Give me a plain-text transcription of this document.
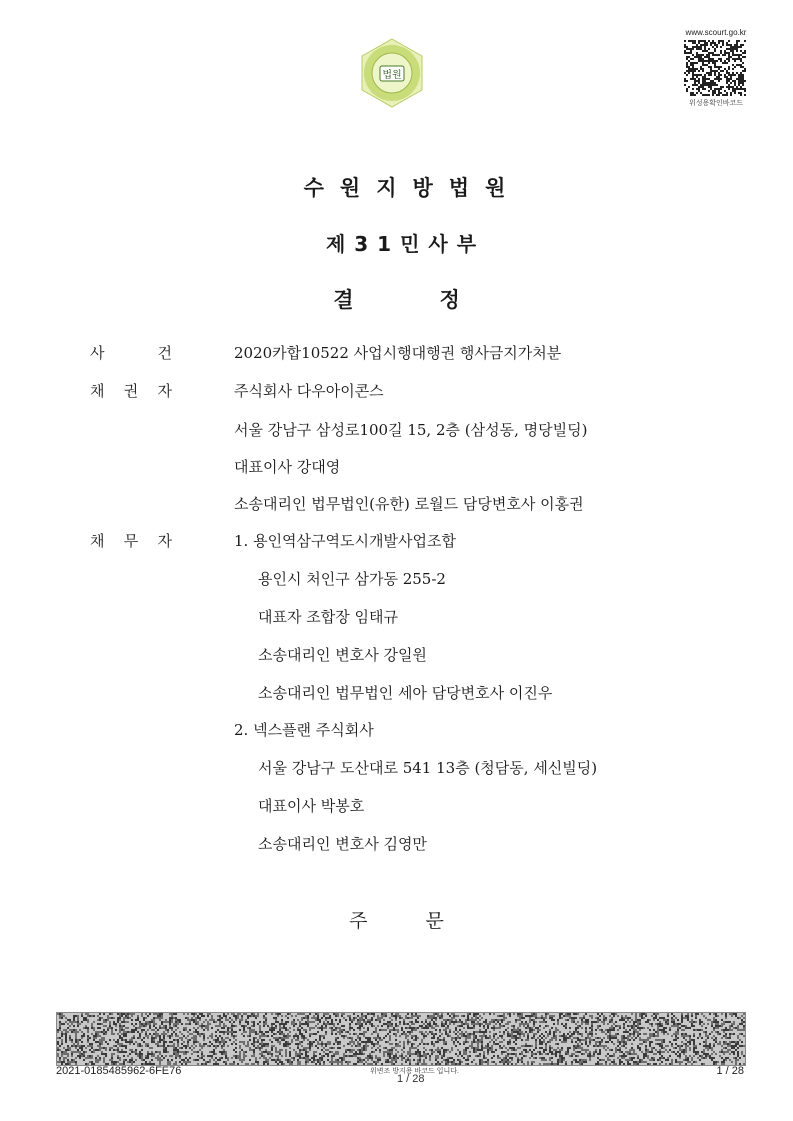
법원
www.scourt.go.kr
위성용확인바코드
수원지방법원
제31민사부
결	정
사	건	2020카합10522 사업시행대행권 행사금지가처분
채 권 자	주식회사 다우아이콘스
서울 강남구 삼성로100길 15, 2층 (삼성동, 명당빌딩)
대표이사 강대영
소송대리인 법무법인(유한) 로월드 담당변호사 이홍권
채 무 자	1. 용인역삼구역도시개발사업조합
용인시 처인구 삼가동 255-2
대표자 조합장 임태규
소송대리인 변호사 강일원
소송대리인 법무법인 세아 담당변호사 이진우
2. 넥스플랜 주식회사
서울 강남구 도산대로 541 13층 (청담동, 세신빌딩)
대표이사 박봉호
소송대리인 변호사 김영만
주	문
2021-0185485962-6FE76	위변조 방지용 바코드 입니다.
1 / 28
1 / 28
